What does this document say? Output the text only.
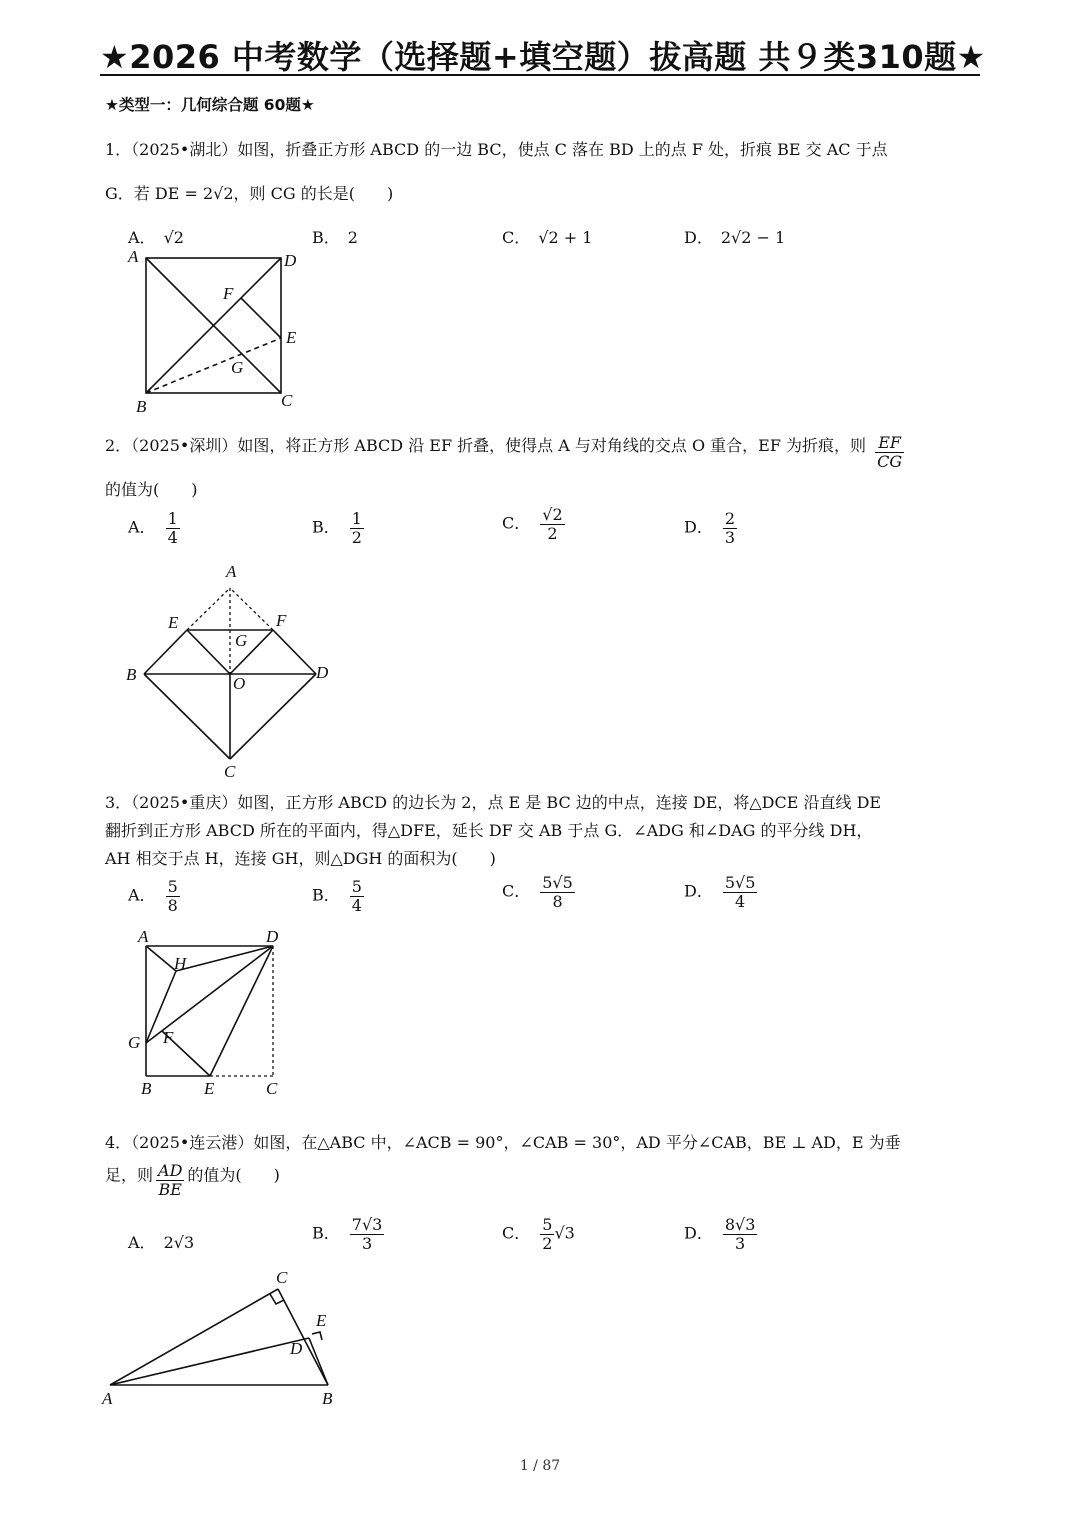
★2026 中考数学（选择题+填空题）拔高题 共９类310题★
★类型一：几何综合题 60题★
1．（2025•湖北）如图，折叠正方形 ABCD 的一边 BC，使点 C 落在 BD 上的点 F 处，折痕 BE 交 AC 于点
G．若 DE = 2√2，则 CG 的长是(　　)
A． √2	B． 2	C． √2 + 1	D． 2√2 − 1
A	D
F
E
G
B	C
2．（2025•深圳）如图，将正方形 ABCD 沿 EF 折叠，使得点 A 与对角线的交点 O 重合，EF 为折痕，则 $\frac{EF}{CG}$
的值为(　　)
A． $\frac{1}{4}$	B． $\frac{1}{2}$	C． $\frac{√2}{2}$	D． $\frac{2}{3}$
A
E	F
G
B	D
O
C
3．（2025•重庆）如图，正方形 ABCD 的边长为 2，点 E 是 BC 边的中点，连接 DE，将△DCE 沿直线 DE
翻折到正方形 ABCD 所在的平面内，得△DFE，延长 DF 交 AB 于点 G．∠ADG 和∠DAG 的平分线 DH，
AH 相交于点 H，连接 GH，则△DGH 的面积为(　　)
A． $\frac{5}{8}$	B． $\frac{5}{4}$	C． $\frac{5√5}{8}$	D． $\frac{5√5}{4}$
A	D
H
F
G
B	E	C
4．（2025•连云港）如图，在△ABC 中，∠ACB = 90°，∠CAB = 30°，AD 平分∠CAB，BE ⊥ AD，E 为垂
足，则 $\frac{AD}{BE}$ 的值为(　　)
A． 2√3	B． $\frac{7√3}{3}$	C． $\frac{5}{2} √3$	D． $\frac{8√3}{3}$
A	B
C
D
E
1 / 87
